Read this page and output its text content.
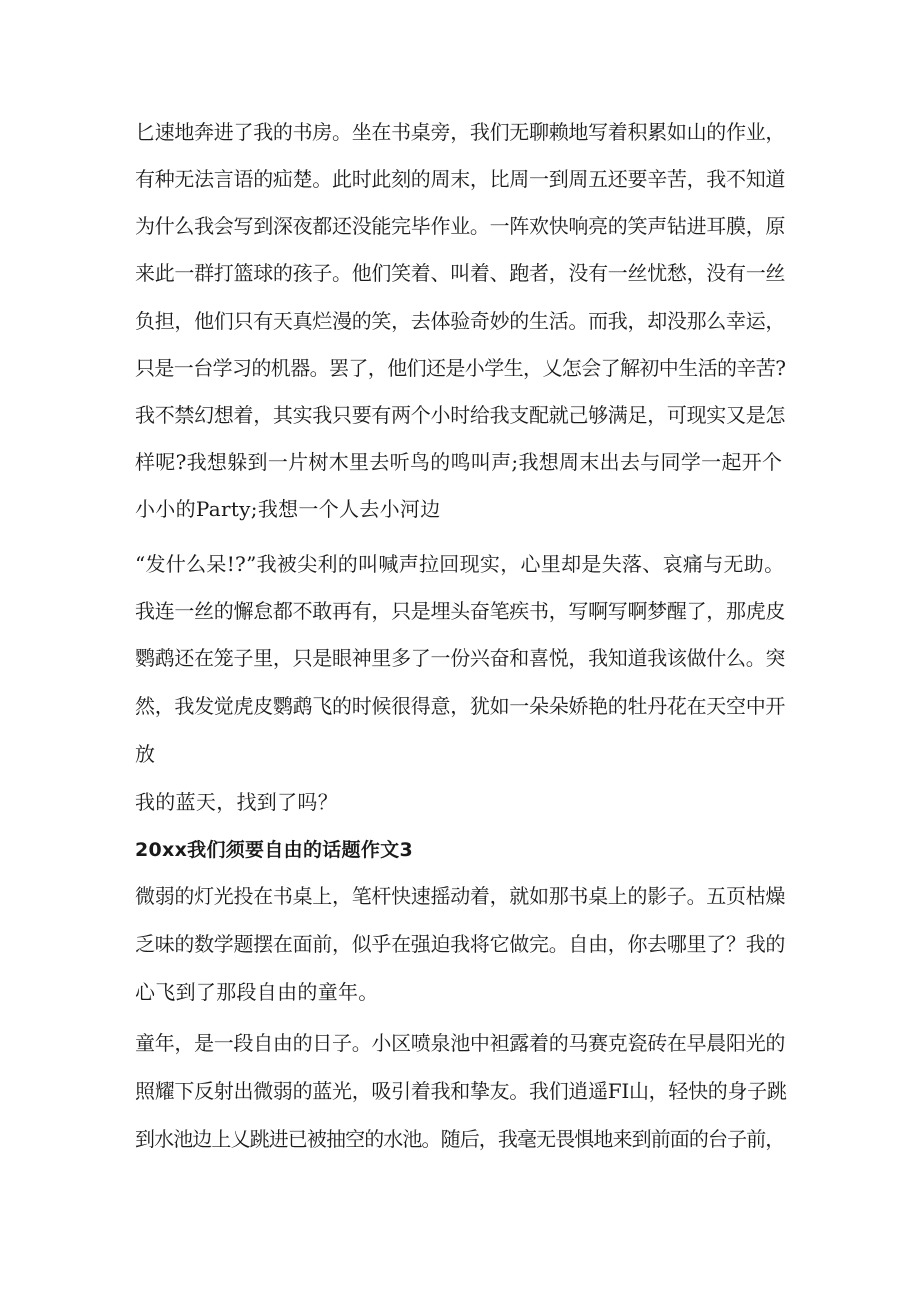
匕速地奔进了我的书房。坐在书桌旁，我们无聊赖地写着积累如山的作业，
有种无法言语的疝楚。此时此刻的周末，比周一到周五还要辛苦，我不知道
为什么我会写到深夜都还没能完毕作业。一阵欢快响亮的笑声钻进耳膜，原
来此一群打篮球的孩子。他们笑着、叫着、跑者，没有一丝忧愁，没有一丝
负担，他们只有天真烂漫的笑，去体验奇妙的生活。而我，却没那么幸运，
只是一台学习的机器。罢了，他们还是小学生，乂怎会了解初中生活的辛苦?
我不禁幻想着，其实我只要有两个小时给我支配就己够满足，可现实又是怎
样呢?我想躲到一片树木里去听鸟的鸣叫声;我想周末出去与同学一起开个
小小的Party;我想一个人去小河边
“发什么呆!?”我被尖利的叫喊声拉回现实，心里却是失落、哀痛与无助。
我连一丝的懈怠都不敢再有，只是埋头奋笔疾书，写啊写啊梦醒了，那虎皮
鹦鹉还在笼子里，只是眼神里多了一份兴奋和喜悦，我知道我该做什么。突
然，我发觉虎皮鹦鹉飞的时候很得意，犹如一朵朵娇艳的牡丹花在天空中开
放
我的蓝天，找到了吗？
20xx我们须要自由的话题作文3
微弱的灯光投在书桌上，笔杆快速摇动着，就如那书桌上的影子。五页枯燥
乏味的数学题摆在面前，似乎在强迫我将它做完。自由，你去哪里了？我的
心飞到了那段自由的童年。
童年，是一段自由的日子。小区喷泉池中袒露着的马赛克瓷砖在早晨阳光的
照耀下反射出微弱的蓝光，吸引着我和挚友。我们逍遥FI山，轻快的身子跳
到水池边上乂跳进已被抽空的水池。随后，我毫无畏惧地来到前面的台子前，
